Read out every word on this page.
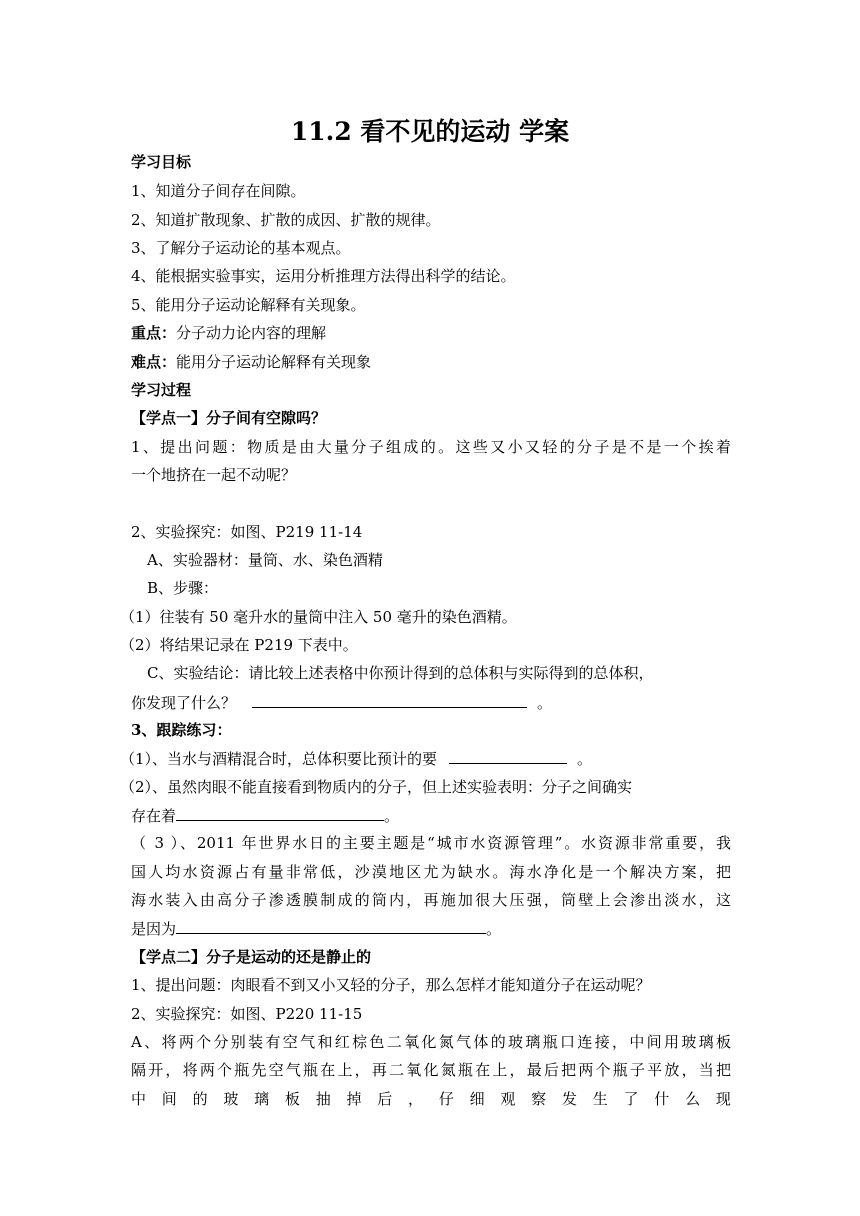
11.2 看不见的运动 学案
学习目标
1、知道分子间存在间隙。
2、知道扩散现象、扩散的成因、扩散的规律。
3、了解分子运动论的基本观点。
4、能根据实验事实，运用分析推理方法得出科学的结论。
5、能用分子运动论解释有关现象。
重点：分子动力论内容的理解
难点：能用分子运动论解释有关现象
学习过程
【学点一】分子间有空隙吗？
1、提出问题：物质是由大量分子组成的。这些又小又轻的分子是不是一个挨着
一个地挤在一起不动呢？
2、实验探究：如图、P219 11-14
A、实验器材：量筒、水、染色酒精
B、步骤：
（1）往装有 50 毫升水的量筒中注入 50 毫升的染色酒精。
（2）将结果记录在 P219 下表中。
C、实验结论：请比较上述表格中你预计得到的总体积与实际得到的总体积，
你发现了什么？	。
3、跟踪练习：
（1）、当水与酒精混合时，总体积要比预计的要	。
（2）、虽然肉眼不能直接看到物质内的分子，但上述实验表明：分子之间确实
存在着	。
（ 3 ）、2011 年世界水日的主要主题是“城市水资源管理”。水资源非常重要，我
国人均水资源占有量非常低，沙漠地区尤为缺水。海水净化是一个解决方案，把
海水装入由高分子渗透膜制成的筒内，再施加很大压强，筒壁上会渗出淡水，这
是因为	。
【学点二】分子是运动的还是静止的
1、提出问题：肉眼看不到又小又轻的分子，那么怎样才能知道分子在运动呢？
2、实验探究：如图、P220 11-15
A、将两个分别装有空气和红棕色二氧化氮气体的玻璃瓶口连接，中间用玻璃板
隔开，将两个瓶先空气瓶在上，再二氧化氮瓶在上，最后把两个瓶子平放，当把
中 间 的 玻 璃 板 抽 掉 后 ， 仔 细 观 察 发 生 了 什 么 现
